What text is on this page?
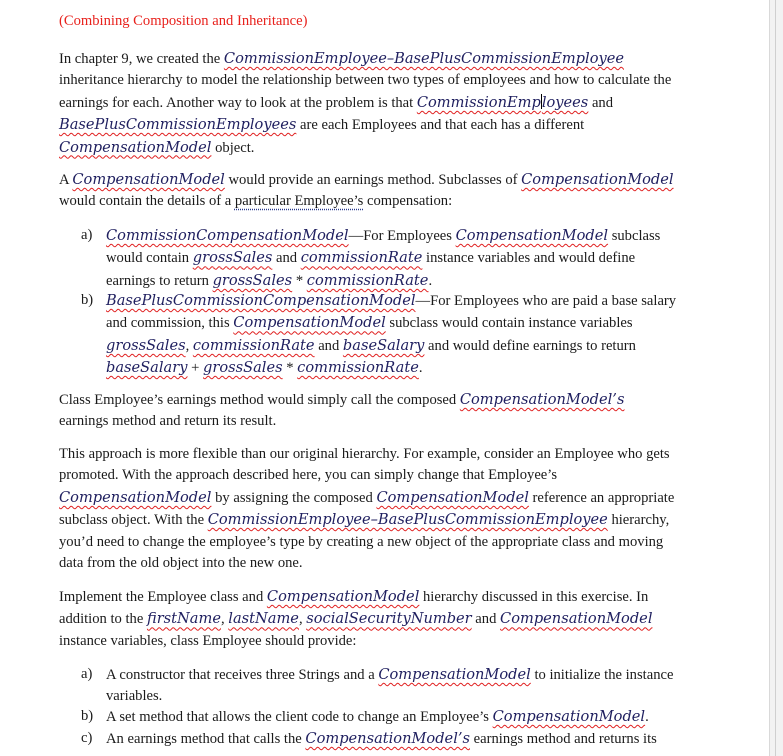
(Combining Composition and Inheritance)

In chapter 9, we created the CommissionEmployee–BasePlusCommissionEmployee inheritance hierarchy to model the relationship between two types of employees and how to calculate the earnings for each. Another way to look at the problem is that CommissionEmployees and BasePlusCommissionEmployees are each Employees and that each has a different CompensationModel object.

A CompensationModel would provide an earnings method. Subclasses of CompensationModel would contain the details of a particular Employee’s compensation:

a) CommissionCompensationModel—For Employees CompensationModel subclass would contain grossSales and commissionRate instance variables and would define earnings to return grossSales * commissionRate.

b) BasePlusCommissionCompensationModel—For Employees who are paid a base salary and commission, this CompensationModel subclass would contain instance variables grossSales, commissionRate and baseSalary and would define earnings to return baseSalary + grossSales * commissionRate.

Class Employee’s earnings method would simply call the composed CompensationModel’s earnings method and return its result.

This approach is more flexible than our original hierarchy. For example, consider an Employee who gets promoted. With the approach described here, you can simply change that Employee’s CompensationModel by assigning the composed CompensationModel reference an appropriate subclass object. With the CommissionEmployee–BasePlusCommissionEmployee hierarchy, you’d need to change the employee’s type by creating a new object of the appropriate class and moving data from the old object into the new one.

Implement the Employee class and CompensationModel hierarchy discussed in this exercise. In addition to the firstName, lastName, socialSecurityNumber and CompensationModel instance variables, class Employee should provide:

a) A constructor that receives three Strings and a CompensationModel to initialize the instance variables.

b) A set method that allows the client code to change an Employee’s CompensationModel.

c) An earnings method that calls the CompensationModel’s earnings method and returns its
